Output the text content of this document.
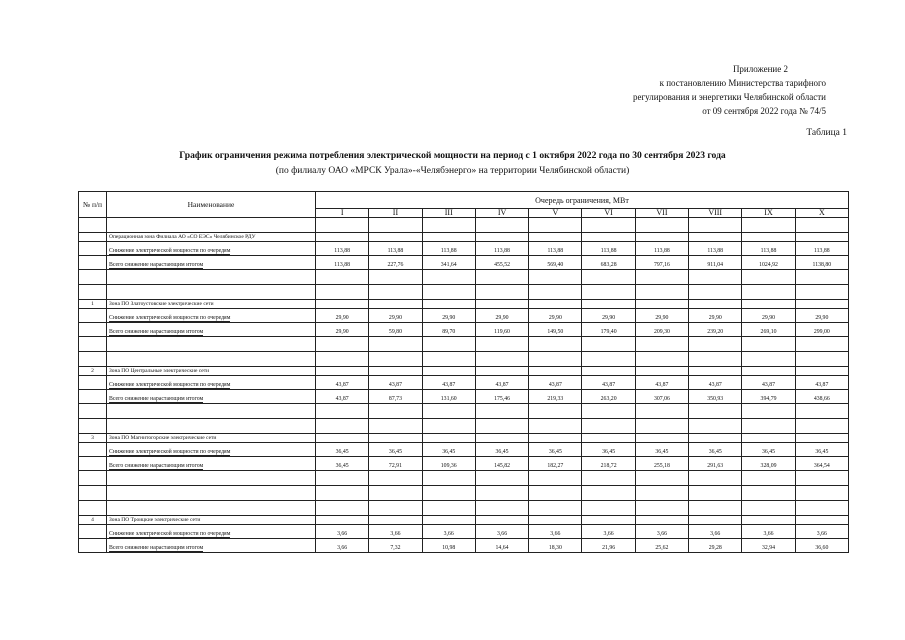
Приложение 2
к постановлению Министерства тарифного
регулирования и энергетики Челябинской области
от 09 сентября 2022 года № 74/5
Таблица 1
График ограничения режима потребления электрической мощности на период с 1 октября 2022 года по 30 сентября 2023 года
(по филиалу ОАО «МРСК Урала»-«Челябэнерго» на территории Челябинской области)
№ п/п	Наименование	Очередь ограничения, МВт									
		I	II	III	IV	V	VI	VII	VIII	IX	X

	Операционная зона Филиала АО «СО ЕЭС» Челябинское РДУ										
	Снижение электрической мощности по очередям	113,88	113,88	113,88	113,88	113,88	113,88	113,88	113,88	113,88	113,88
	Всего снижение нарастающим итогом	113,88	227,76	341,64	455,52	569,40	683,28	797,16	911,04	1024,92	1138,80

1	Зона ПО Златоустовские электрические сети										
	Снижение электрической мощности по очередям	29,90	29,90	29,90	29,90	29,90	29,90	29,90	29,90	29,90	29,90
	Всего снижение нарастающим итогом	29,90	59,80	89,70	119,60	149,50	179,40	209,30	239,20	269,10	299,00

2	Зона ПО Центральные электрические сети										
	Снижение электрической мощности по очередям	43,87	43,87	43,87	43,87	43,87	43,87	43,87	43,87	43,87	43,87
	Всего снижение нарастающим итогом	43,87	87,73	131,60	175,46	219,33	263,20	307,06	350,93	394,79	438,66

3	Зона ПО Магнитогорские электрические сети										
	Снижение электрической мощности по очередям	36,45	36,45	36,45	36,45	36,45	36,45	36,45	36,45	36,45	36,45
	Всего снижение нарастающим итогом	36,45	72,91	109,36	145,82	182,27	218,72	255,18	291,63	328,09	364,54

4	Зона ПО Троицкие электрические сети										
	Снижение электрической мощности по очередям	3,66	3,66	3,66	3,66	3,66	3,66	3,66	3,66	3,66	3,66
	Всего снижение нарастающим итогом	3,66	7,32	10,98	14,64	18,30	21,96	25,62	29,28	32,94	36,60
